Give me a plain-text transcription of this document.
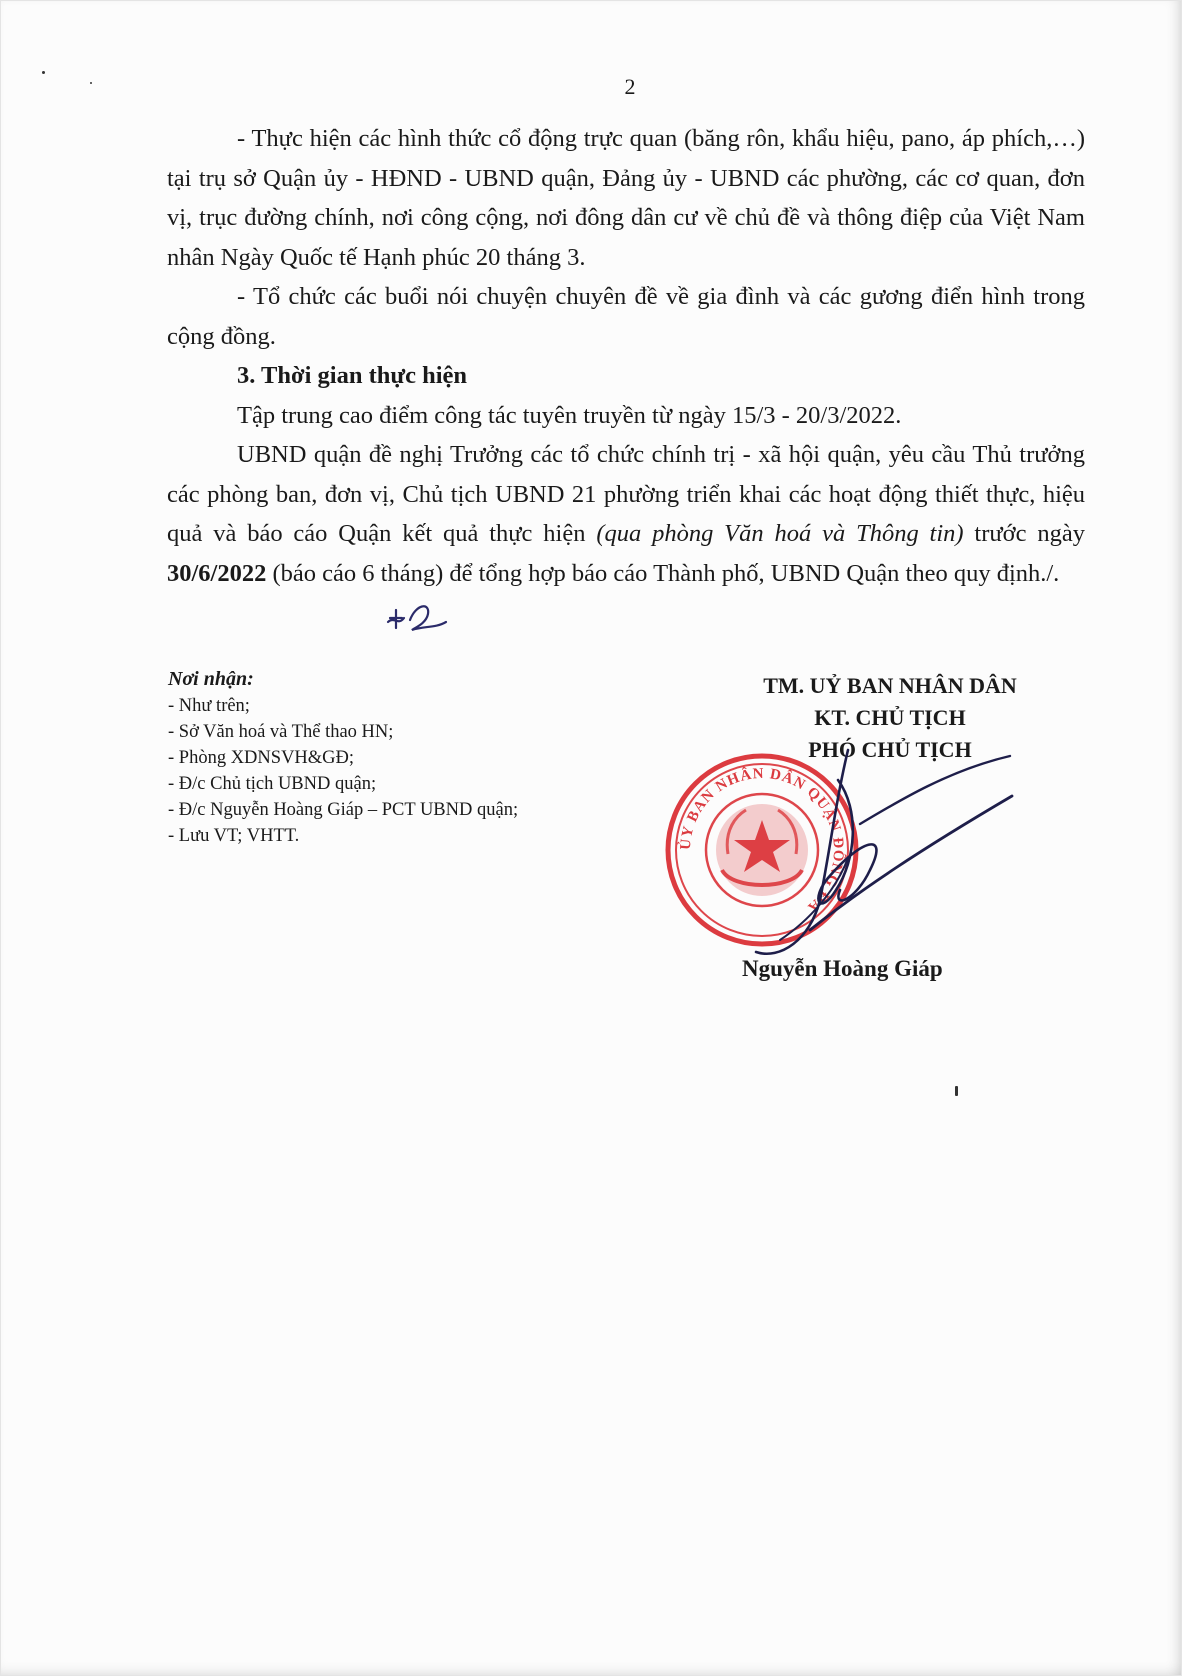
2

- Thực hiện các hình thức cổ động trực quan (băng rôn, khẩu hiệu, pano, áp phích,…) tại trụ sở Quận ủy - HĐND - UBND quận, Đảng ủy - UBND các phường, các cơ quan, đơn vị, trục đường chính, nơi công cộng, nơi đông dân cư về chủ đề và thông điệp của Việt Nam nhân Ngày Quốc tế Hạnh phúc 20 tháng 3.

- Tổ chức các buổi nói chuyện chuyên đề về gia đình và các gương điển hình trong cộng đồng.

3. Thời gian thực hiện

Tập trung cao điểm công tác tuyên truyền từ ngày 15/3 - 20/3/2022.

UBND quận đề nghị Trưởng các tổ chức chính trị - xã hội quận, yêu cầu Thủ trưởng các phòng ban, đơn vị, Chủ tịch UBND 21 phường triển khai các hoạt động thiết thực, hiệu quả và báo cáo Quận kết quả thực hiện (qua phòng Văn hoá và Thông tin) trước ngày 30/6/2022 (báo cáo 6 tháng) để tổng hợp báo cáo Thành phố, UBND Quận theo quy định./.

Nơi nhận:
- Như trên;
- Sở Văn hoá và Thể thao HN;
- Phòng XDNSVH&GĐ;
- Đ/c Chủ tịch UBND quận;
- Đ/c Nguyễn Hoàng Giáp – PCT UBND quận;
- Lưu VT; VHTT.
TM. UỶ BAN NHÂN DÂN
KT. CHỦ TỊCH
PHÓ CHỦ TỊCH
ỦY BAN NHÂN DÂN QUẬN ĐỐNG ĐA
Nguyễn Hoàng Giáp
